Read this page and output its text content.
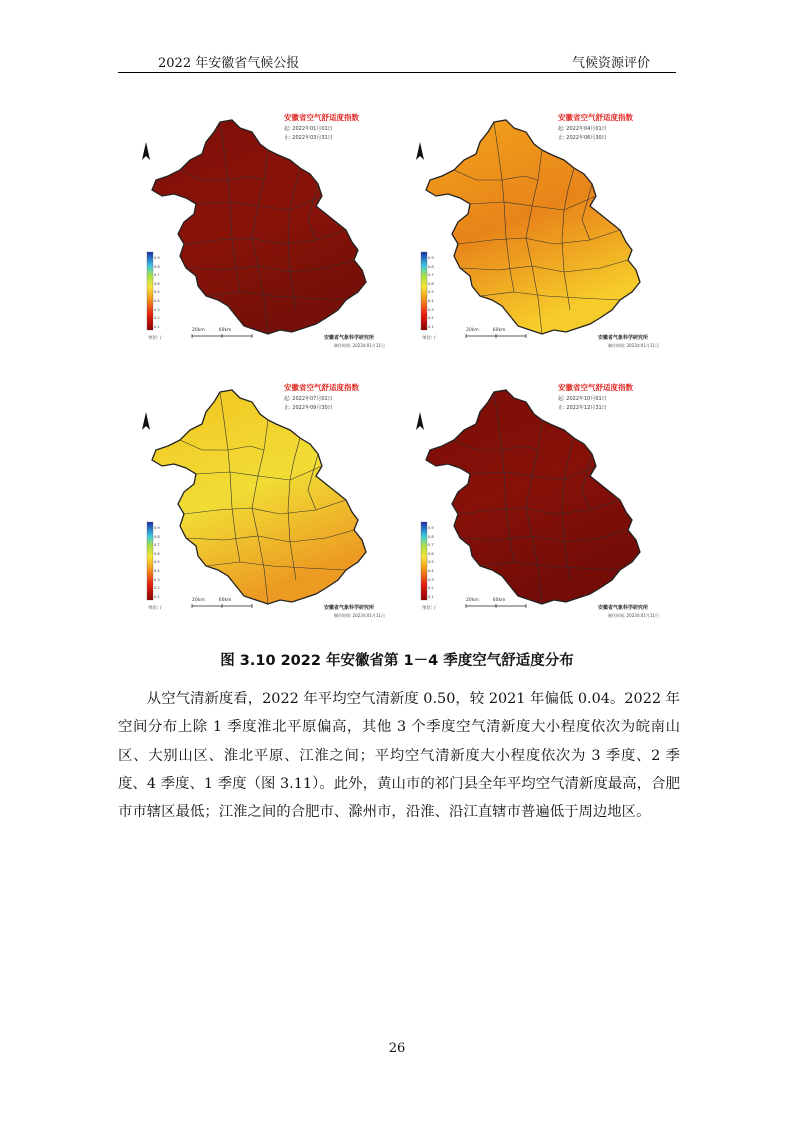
2022 年安徽省气候公报	气候资源评价
安徽省空气舒适度指数
起: 2022年01月01日
止: 2022年03月31日
安徽省气象科学研究所
制作时间: 2023年01月11日
单位: /
20km	60km
0.9
0.8
0.7
0.6
0.5
0.4
0.3
0.2
0.1
安徽省空气舒适度指数
起: 2022年04月01日
止: 2022年06月30日
安徽省气象科学研究所
制作时间: 2023年01月11日
单位: /
20km	60km
0.9
0.8
0.7
0.6
0.5
0.4
0.3
0.2
0.1
安徽省空气舒适度指数
起: 2022年07月01日
止: 2022年09月30日
安徽省气象科学研究所
制作时间: 2023年01月11日
单位: /
20km	60km
0.9
0.8
0.7
0.6
0.5
0.4
0.3
0.2
0.1
安徽省空气舒适度指数
起: 2022年10月01日
止: 2022年12月31日
安徽省气象科学研究所
制作时间: 2023年01月11日
单位: /
20km	60km
0.9
0.8
0.7
0.6
0.5
0.4
0.3
0.2
0.1
图 3.10 2022 年安徽省第 1－4 季度空气舒适度分布
从空气清新度看，2022 年平均空气清新度 0.50，较 2021 年偏低 0.04。2022 年空间分布上除 1 季度淮北平原偏高，其他 3 个季度空气清新度大小程度依次为皖南山区、大别山区、淮北平原、江淮之间；平均空气清新度大小程度依次为 3 季度、2 季度、4 季度、1 季度（图 3.11）。此外，黄山市的祁门县全年平均空气清新度最高，合肥市市辖区最低；江淮之间的合肥市、滁州市，沿淮、沿江直辖市普遍低于周边地区。
26
